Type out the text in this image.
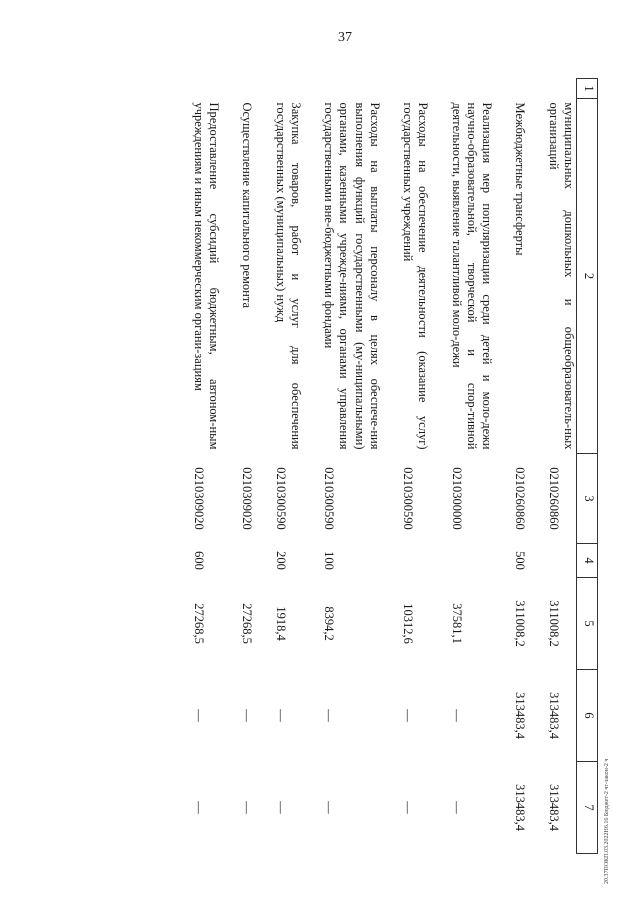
37
1	2	3	4	5	6	7
	муниципальных дошкольных и общеобразователь-ных организаций	0210260860		311008,2	313483,4	313483,4

	Межбюджетные трансферты	0210260860	500	311008,2	313483,4	313483,4

	Реализация мер популяризации среди детей и моло-дежи научно-образовательной, творческой и спор-тивной деятельности, выявление талантливой моло-дежи	0210300000		37581,1	—	—

	Расходы на обеспечение деятельности (оказание услуг) государственных учреждений	0210300590		10312,6	—	—

	Расходы на выплаты персоналу в целях обеспече-ния выполнения функций государственными (му-ниципальными) органами, казенными учрежде-ниями, органами управления государственными вне-бюджетными фондами	0210300590	100	8394,2	—	—

	Закупка товаров, работ и услуг для обеспечения государственных (муниципальных) нужд	0210300590	200	1918,4	—	—

	Осуществление капитального ремонта	0210309020		27268,5	—	—

	Предоставление субсидий бюджетным, автоном-ным учреждениям и иным некоммерческим органи-зациям	0210309020	600	27268,5	—	—	20.37ПОКП.03.2022Н6.16 Бюджет-2 чт-закон-2 ч
